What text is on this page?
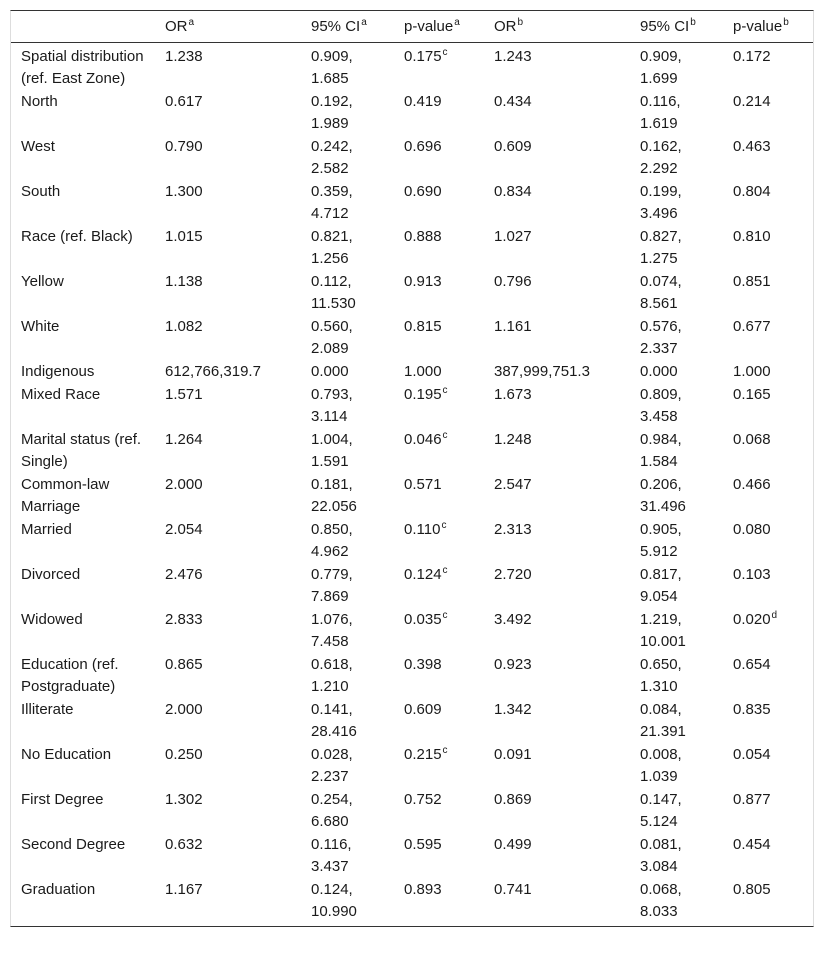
	$OR^a$	95% $CI^a$	p-value$^a$	$OR^b$	95% $CI^b$	p-value$^b$
Spatial distribution (ref. East Zone)	1.238	0.909, 1.685	0.175$^c$	1.243	0.909, 1.699	0.172
North	0.617	0.192, 1.989	0.419	0.434	0.116, 1.619	0.214
West	0.790	0.242, 2.582	0.696	0.609	0.162, 2.292	0.463
South	1.300	0.359, 4.712	0.690	0.834	0.199, 3.496	0.804
Race (ref. Black)	1.015	0.821, 1.256	0.888	1.027	0.827, 1.275	0.810
Yellow	1.138	0.112, 11.530	0.913	0.796	0.074, 8.561	0.851
White	1.082	0.560, 2.089	0.815	1.161	0.576, 2.337	0.677
Indigenous	612,766,319.7	0.000	1.000	387,999,751.3	0.000	1.000
Mixed Race	1.571	0.793, 3.114	0.195$^c$	1.673	0.809, 3.458	0.165
Marital status (ref. Single)	1.264	1.004, 1.591	0.046$^c$	1.248	0.984, 1.584	0.068
Common-law Marriage	2.000	0.181, 22.056	0.571	2.547	0.206, 31.496	0.466
Married	2.054	0.850, 4.962	0.110$^c$	2.313	0.905, 5.912	0.080
Divorced	2.476	0.779, 7.869	0.124$^c$	2.720	0.817, 9.054	0.103
Widowed	2.833	1.076, 7.458	0.035$^c$	3.492	1.219, 10.001	0.020$^d$
Education (ref. Postgraduate)	0.865	0.618, 1.210	0.398	0.923	0.650, 1.310	0.654
Illiterate	2.000	0.141, 28.416	0.609	1.342	0.084, 21.391	0.835
No Education	0.250	0.028, 2.237	0.215$^c$	0.091	0.008, 1.039	0.054
First Degree	1.302	0.254, 6.680	0.752	0.869	0.147, 5.124	0.877
Second Degree	0.632	0.116, 3.437	0.595	0.499	0.081, 3.084	0.454
Graduation	1.167	0.124, 10.990	0.893	0.741	0.068, 8.033	0.805
